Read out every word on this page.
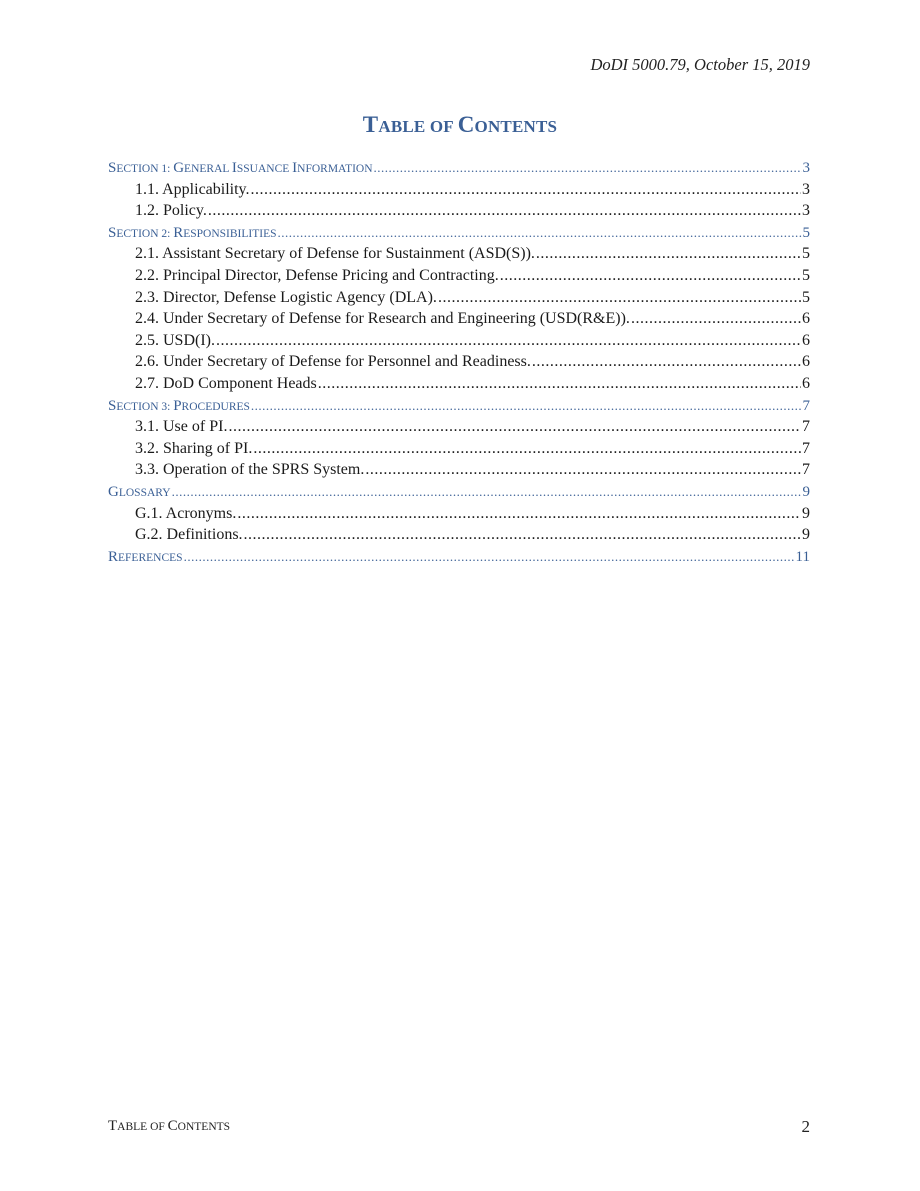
DoDI 5000.79, October 15, 2019
TABLE OF CONTENTS
SECTION 1: GENERAL ISSUANCE INFORMATION .....	3
1.1. Applicability. .....	3
1.2. Policy. .....	3
SECTION 2: RESPONSIBILITIES .....	5
2.1. Assistant Secretary of Defense for Sustainment (ASD(S)). .....	5
2.2. Principal Director, Defense Pricing and Contracting. .....	5
2.3. Director, Defense Logistic Agency (DLA). .....	5
2.4. Under Secretary of Defense for Research and Engineering (USD(R&E)). .....	6
2.5. USD(I). .....	6
2.6. Under Secretary of Defense for Personnel and Readiness. .....	6
2.7. DoD Component Heads .....	6
SECTION 3: PROCEDURES .....	7
3.1. Use of PI. .....	7
3.2. Sharing of PI. .....	7
3.3. Operation of the SPRS System. .....	7
GLOSSARY .....	9
G.1. Acronyms. .....	9
G.2. Definitions. .....	9
REFERENCES .....	11
TABLE OF CONTENTS	2
